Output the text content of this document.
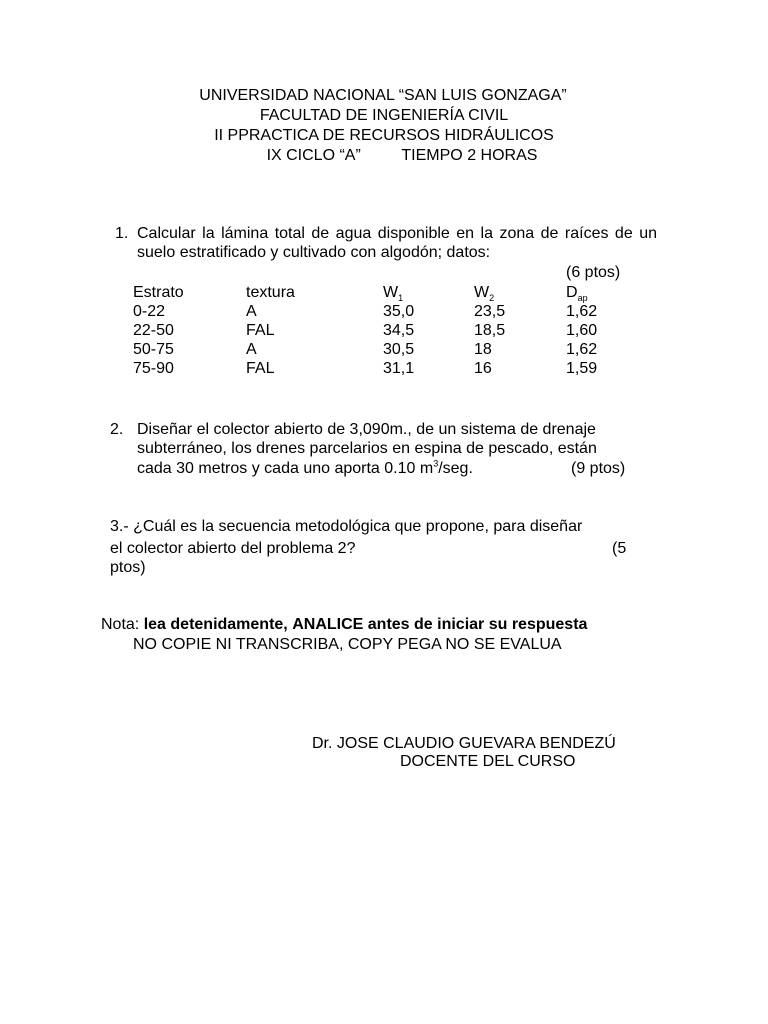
UNIVERSIDAD NACIONAL “SAN LUIS GONZAGA”
FACULTAD DE INGENIERÍA CIVIL
II PPRACTICA DE RECURSOS HIDRÁULICOS
IX CICLO “A”	TIEMPO 2 HORAS
1. Calcular la lámina total de agua disponible en la zona de raíces de un suelo estratificado y cultivado con algodón; datos:
(6 ptos)
Estrato	textura	$W_1$	$W_2$	$D_{ap}$
0-22	A	35,0	23,5	1,62
22-50	FAL	34,5	18,5	1,60
50-75	A	30,5	18	1,62
75-90	FAL	31,1	16	1,59
2. Diseñar el colector abierto de 3,090m., de un sistema de drenaje
subterráneo, los drenes parcelarios en espina de pescado, están
cada 30 metros y cada uno aporta 0.10 $m^3$/seg.	(9 ptos)
3.- ¿Cuál es la secuencia metodológica que propone, para diseñar
el colector abierto del problema 2?	(5
ptos)
Nota: lea detenidamente, ANALICE antes de iniciar su respuesta
NO COPIE NI TRANSCRIBA, COPY PEGA NO SE EVALUA
Dr. JOSE CLAUDIO GUEVARA BENDEZÚ
DOCENTE DEL CURSO
